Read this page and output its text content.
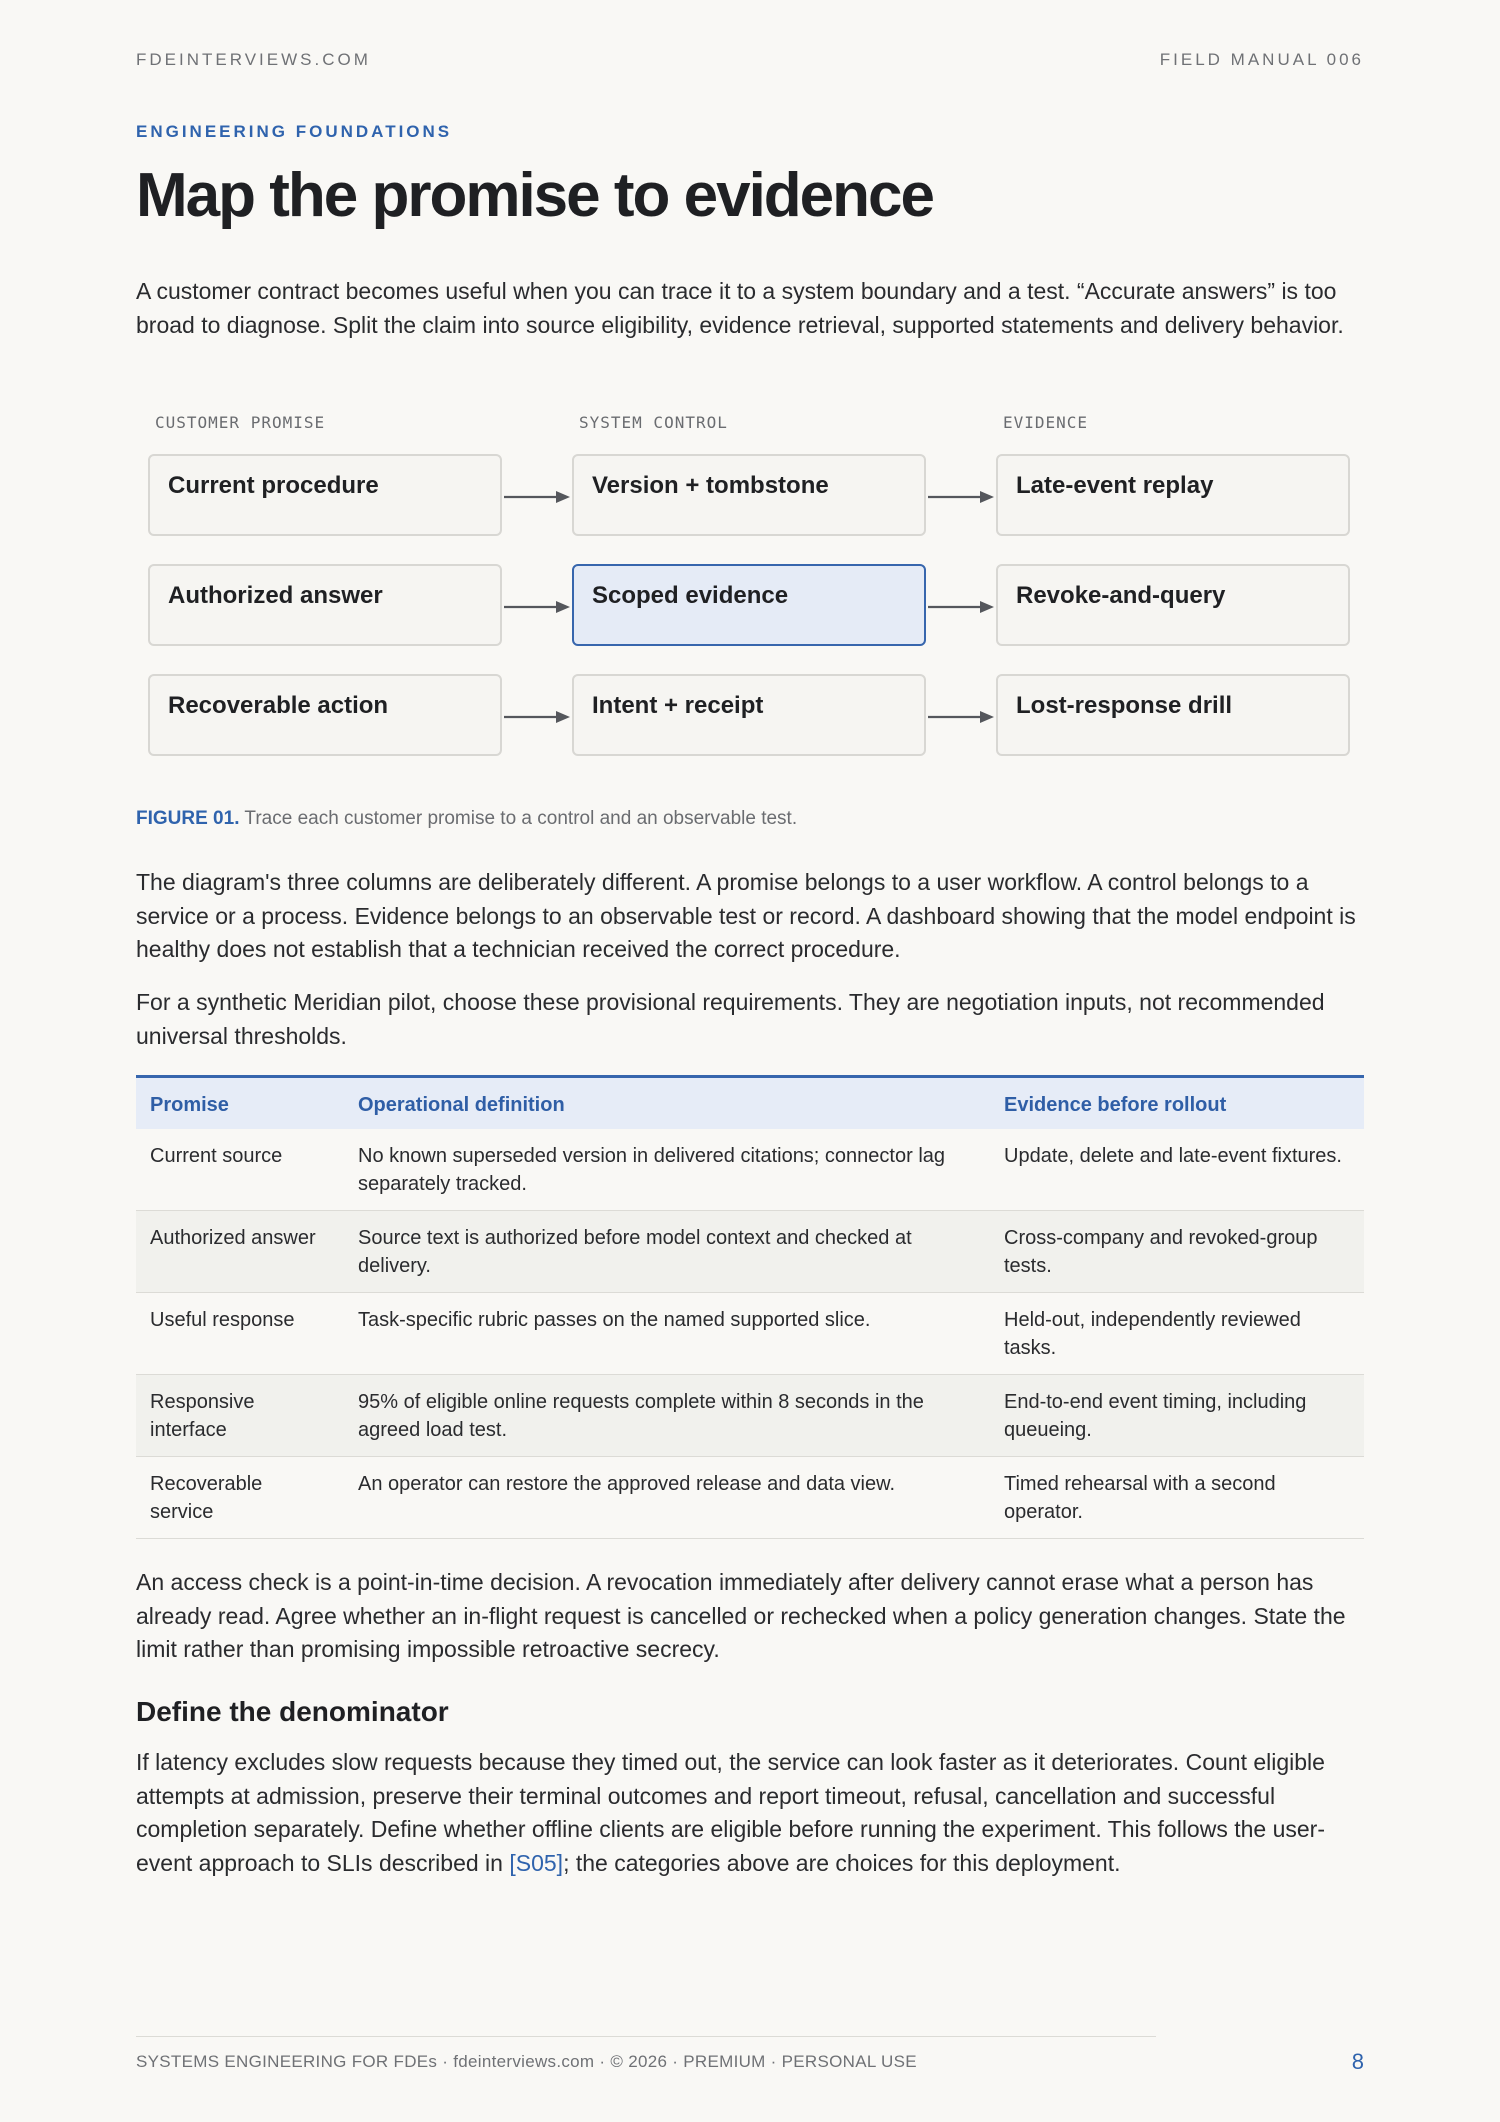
FDEINTERVIEWS.COM	FIELD MANUAL 006
ENGINEERING FOUNDATIONS
Map the promise to evidence

A customer contract becomes useful when you can trace it to a system boundary and a test. “Accurate answers” is too broad to diagnose. Split the claim into source eligibility, evidence retrieval, supported statements and delivery behavior.

CUSTOMER PROMISE	SYSTEM CONTROL	EVIDENCE
Current procedure	Version + tombstone	Late-event replay
Authorized answer	Scoped evidence	Revoke-and-query
Recoverable action	Intent + receipt	Lost-response drill
FIGURE 01. Trace each customer promise to a control and an observable test.

The diagram's three columns are deliberately different. A promise belongs to a user workflow. A control belongs to a service or a process. Evidence belongs to an observable test or record. A dashboard showing that the model endpoint is healthy does not establish that a technician received the correct procedure.

For a synthetic Meridian pilot, choose these provisional requirements. They are negotiation inputs, not recommended universal thresholds.

Promise	Operational definition	Evidence before rollout
Current source	No known superseded version in delivered citations; connector lag separately tracked.	Update, delete and late-event fixtures.
Authorized answer	Source text is authorized before model context and checked at delivery.	Cross-company and revoked-group tests.
Useful response	Task-specific rubric passes on the named supported slice.	Held-out, independently reviewed tasks.
Responsive interface	95% of eligible online requests complete within 8 seconds in the agreed load test.	End-to-end event timing, including queueing.
Recoverable service	An operator can restore the approved release and data view.	Timed rehearsal with a second operator.

An access check is a point-in-time decision. A revocation immediately after delivery cannot erase what a person has already read. Agree whether an in-flight request is cancelled or rechecked when a policy generation changes. State the limit rather than promising impossible retroactive secrecy.

Define the denominator

If latency excludes slow requests because they timed out, the service can look faster as it deteriorates. Count eligible attempts at admission, preserve their terminal outcomes and report timeout, refusal, cancellation and successful completion separately. Define whether offline clients are eligible before running the experiment. This follows the user-event approach to SLIs described in [S05]; the categories above are choices for this deployment.

SYSTEMS ENGINEERING FOR FDEs · fdeinterviews.com · © 2026 · PREMIUM · PERSONAL USE	8
